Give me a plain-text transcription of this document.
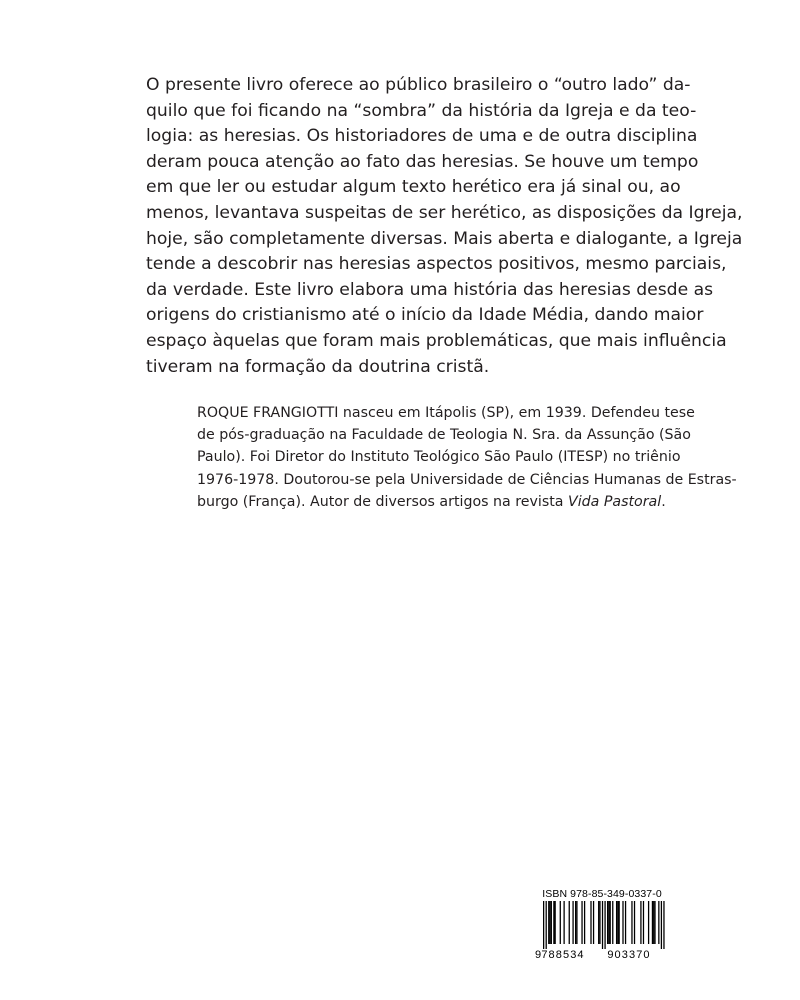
O presente livro oferece ao público brasileiro o “outro lado” da-
quilo que foi ficando na “sombra” da história da Igreja e da teo-
logia: as heresias. Os historiadores de uma e de outra disciplina
deram pouca atenção ao fato das heresias. Se houve um tempo
em que ler ou estudar algum texto herético era já sinal ou, ao
menos, levantava suspeitas de ser herético, as disposições da Igreja,
hoje, são completamente diversas. Mais aberta e dialogante, a Igreja
tende a descobrir nas heresias aspectos positivos, mesmo parciais,
da verdade. Este livro elabora uma história das heresias desde as
origens do cristianismo até o início da Idade Média, dando maior
espaço àquelas que foram mais problemáticas, que mais influência
tiveram na formação da doutrina cristã.
ROQUE FRANGIOTTI nasceu em Itápolis (SP), em 1939. Defendeu tese
de pós-graduação na Faculdade de Teologia N. Sra. da Assunção (São
Paulo). Foi Diretor do Instituto Teológico São Paulo (ITESP) no triênio
1976-1978. Doutorou-se pela Universidade de Ciências Humanas de Estras-
burgo (França). Autor de diversos artigos na revista Vida Pastoral.
ISBN 978-85-349-0337-0
9 788534 903370
